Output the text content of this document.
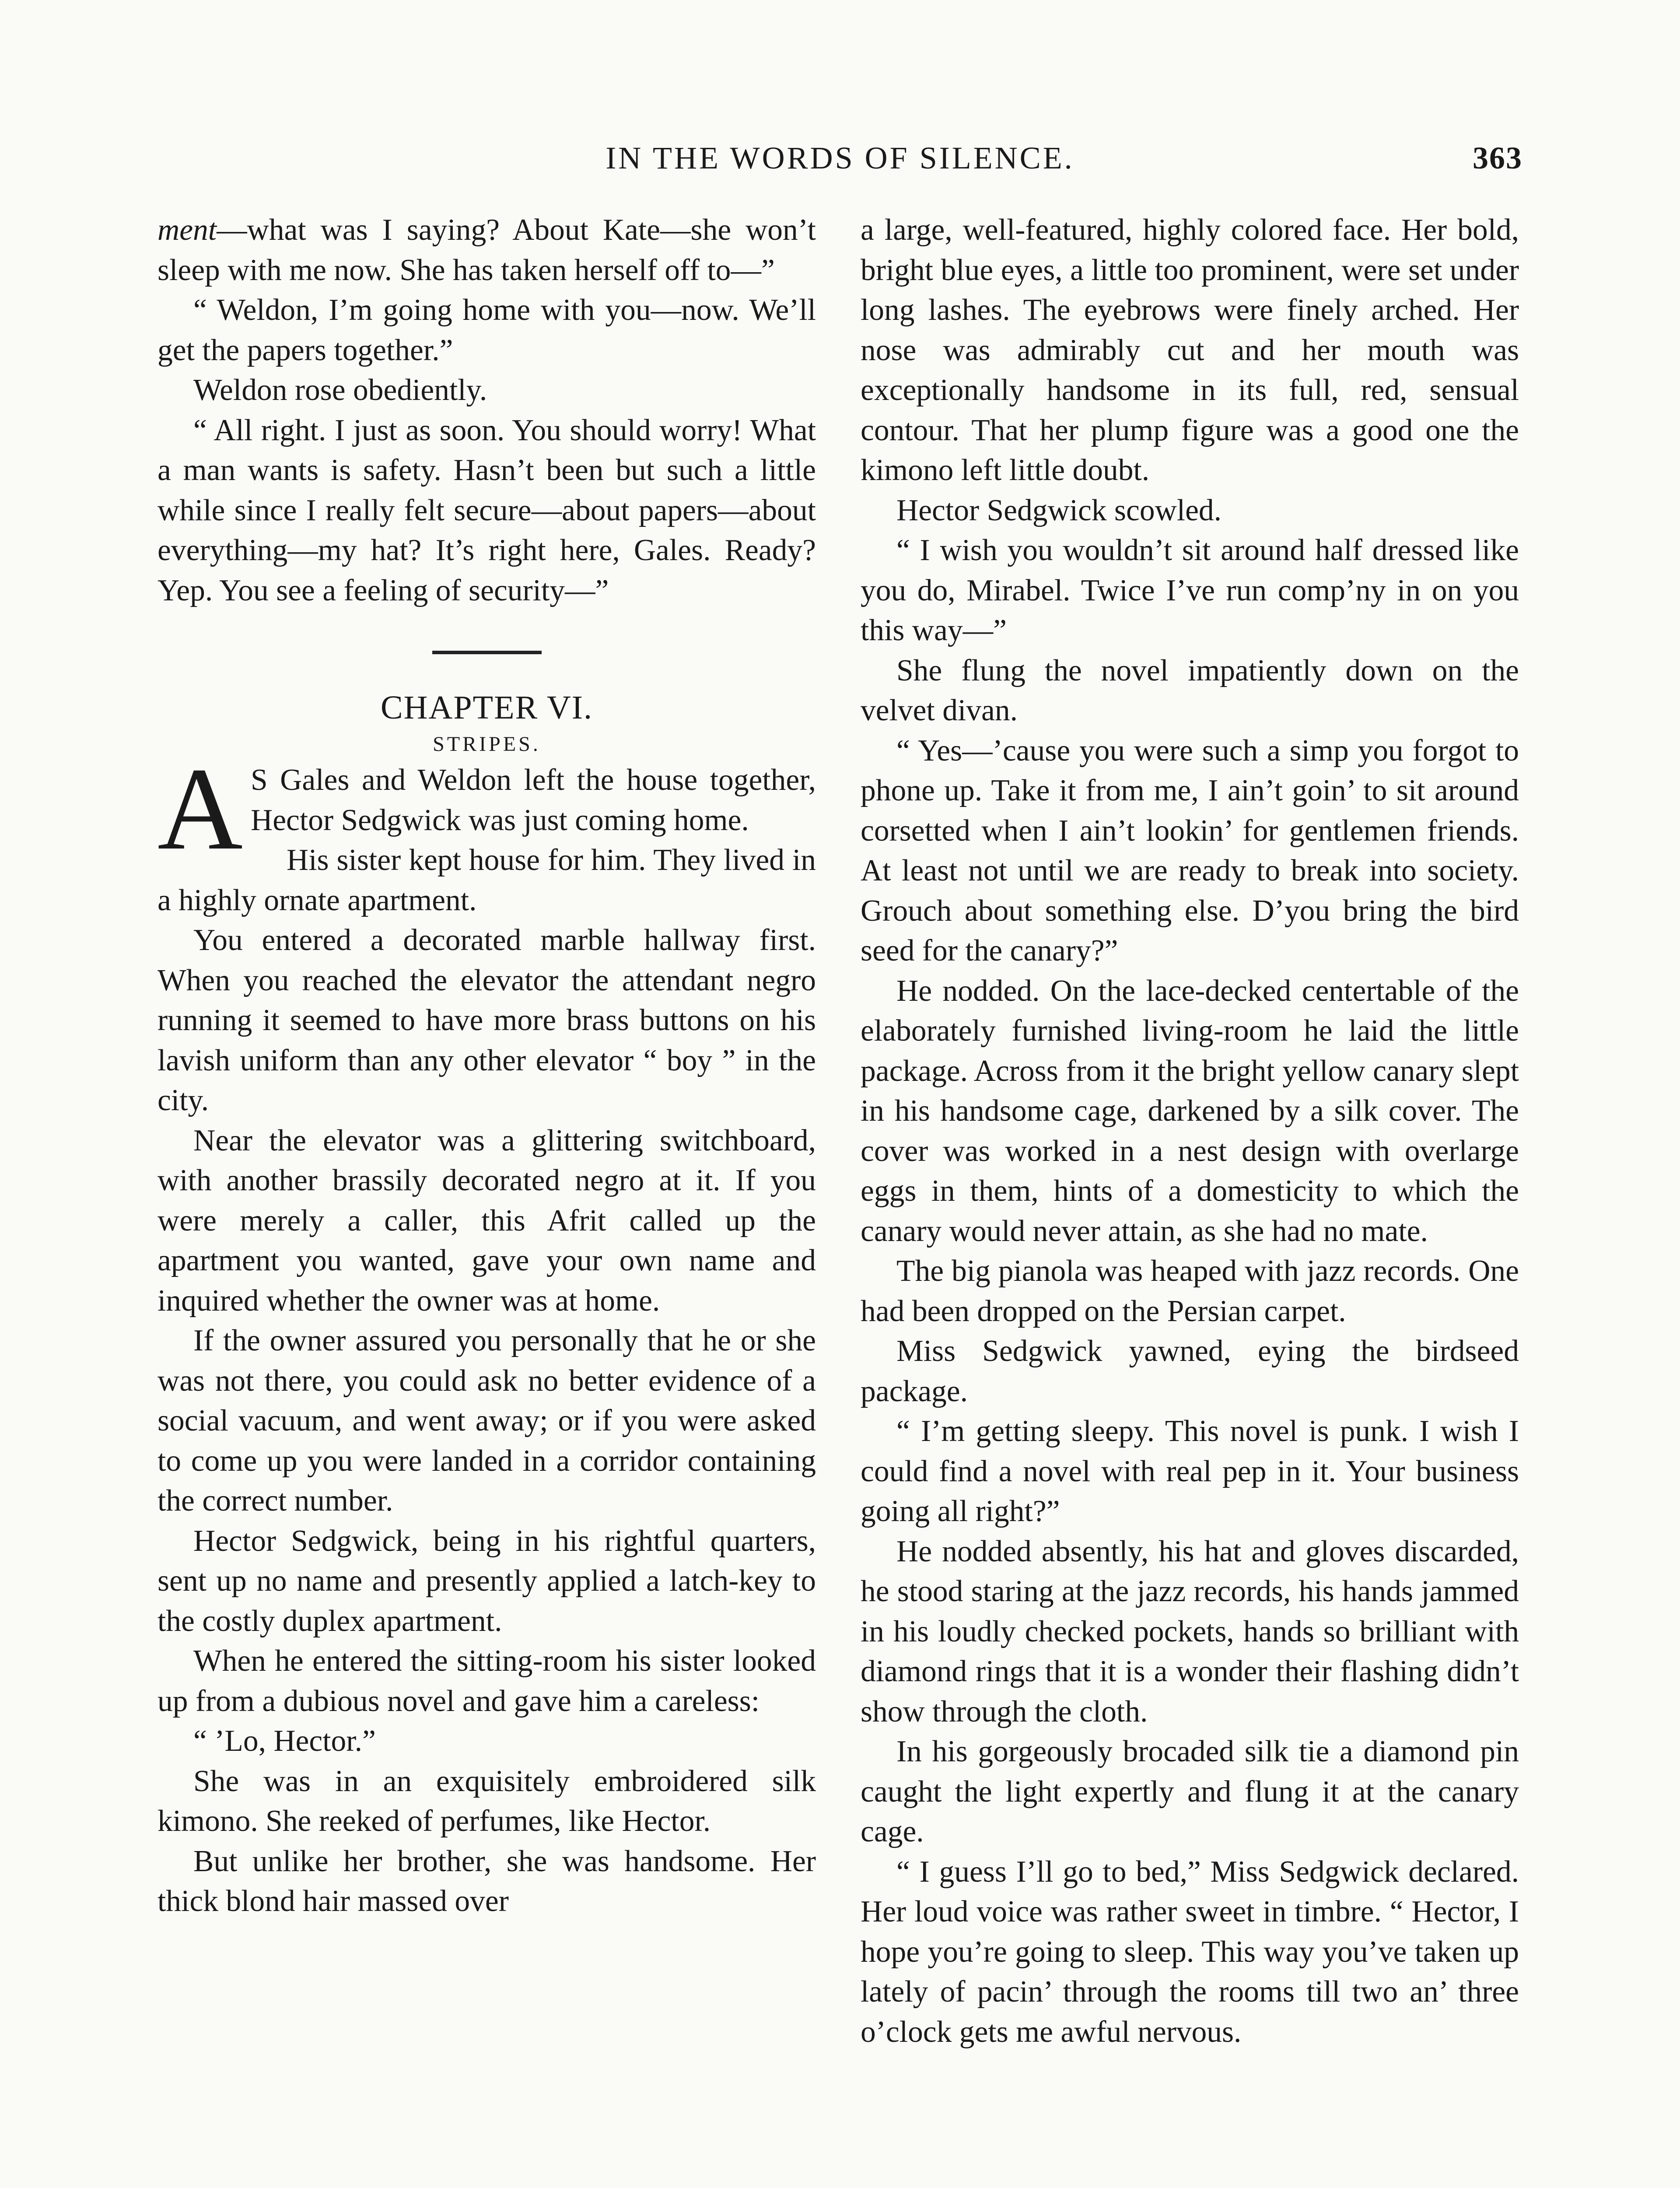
IN THE WORDS OF SILENCE.	363

ment—what was I saying? About Kate—she won’t sleep with me now. She has taken herself off to—”

“ Weldon, I’m going home with you—now. We’ll get the papers together.”

Weldon rose obediently.

“ All right. I just as soon. You should worry! What a man wants is safety. Hasn’t been but such a little while since I really felt secure—about papers—about everything—my hat? It’s right here, Gales. Ready? Yep. You see a feeling of security—”

CHAPTER VI.

STRIPES.

A S Gales and Weldon left the house together, Hector Sedgwick was just coming home.

His sister kept house for him. They lived in a highly ornate apartment.

You entered a decorated marble hallway first. When you reached the elevator the attendant negro running it seemed to have more brass buttons on his lavish uniform than any other elevator “ boy ” in the city.

Near the elevator was a glittering switchboard, with another brassily decorated negro at it. If you were merely a caller, this Afrit called up the apartment you wanted, gave your own name and inquired whether the owner was at home.

If the owner assured you personally that he or she was not there, you could ask no better evidence of a social vacuum, and went away; or if you were asked to come up you were landed in a corridor containing the correct number.

Hector Sedgwick, being in his rightful quarters, sent up no name and presently applied a latch-key to the costly duplex apartment.

When he entered the sitting-room his sister looked up from a dubious novel and gave him a careless:

“ ’Lo, Hector.”

She was in an exquisitely embroidered silk kimono. She reeked of perfumes, like Hector.

But unlike her brother, she was handsome. Her thick blond hair massed over

a large, well-featured, highly colored face. Her bold, bright blue eyes, a little too prominent, were set under long lashes. The eyebrows were finely arched. Her nose was admirably cut and her mouth was exceptionally handsome in its full, red, sensual contour. That her plump figure was a good one the kimono left little doubt.

Hector Sedgwick scowled.

“ I wish you wouldn’t sit around half dressed like you do, Mirabel. Twice I’ve run comp’ny in on you this way—”

She flung the novel impatiently down on the velvet divan.

“ Yes—’cause you were such a simp you forgot to phone up. Take it from me, I ain’t goin’ to sit around corsetted when I ain’t lookin’ for gentlemen friends. At least not until we are ready to break into society. Grouch about something else. D’you bring the bird seed for the canary?”

He nodded. On the lace-decked centertable of the elaborately furnished living-room he laid the little package. Across from it the bright yellow canary slept in his handsome cage, darkened by a silk cover. The cover was worked in a nest design with overlarge eggs in them, hints of a domesticity to which the canary would never attain, as she had no mate.

The big pianola was heaped with jazz records. One had been dropped on the Persian carpet.

Miss Sedgwick yawned, eying the birdseed package.

“ I’m getting sleepy. This novel is punk. I wish I could find a novel with real pep in it. Your business going all right?”

He nodded absently, his hat and gloves discarded, he stood staring at the jazz records, his hands jammed in his loudly checked pockets, hands so brilliant with diamond rings that it is a wonder their flashing didn’t show through the cloth.

In his gorgeously brocaded silk tie a diamond pin caught the light expertly and flung it at the canary cage.

“ I guess I’ll go to bed,” Miss Sedgwick declared. Her loud voice was rather sweet in timbre. “ Hector, I hope you’re going to sleep. This way you’ve taken up lately of pacin’ through the rooms till two an’ three o’clock gets me awful nervous.
